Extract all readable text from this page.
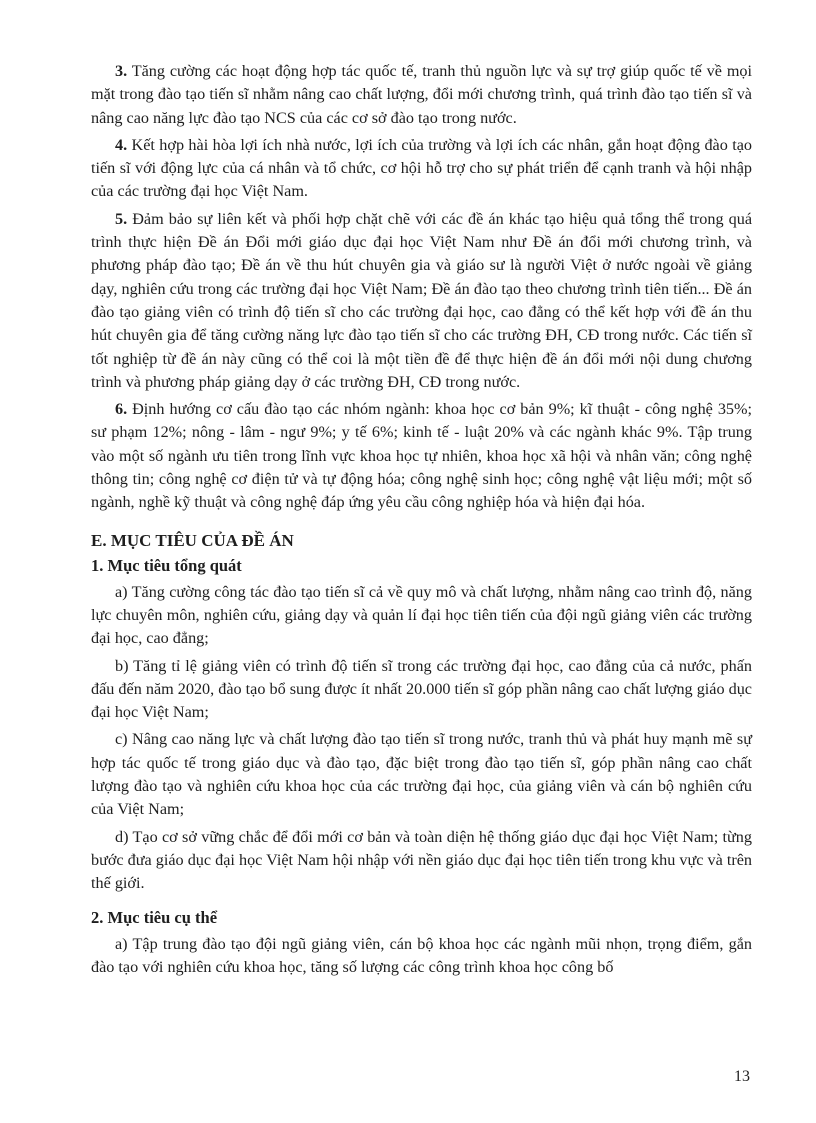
3. Tăng cường các hoạt động hợp tác quốc tế, tranh thủ nguồn lực và sự trợ giúp quốc tế về mọi mặt trong đào tạo tiến sĩ nhằm nâng cao chất lượng, đổi mới chương trình, quá trình đào tạo tiến sĩ và nâng cao năng lực đào tạo NCS của các cơ sở đào tạo trong nước.

4. Kết hợp hài hòa lợi ích nhà nước, lợi ích của trường và lợi ích các nhân, gắn hoạt động đào tạo tiến sĩ với động lực của cá nhân và tổ chức, cơ hội hỗ trợ cho sự phát triển để cạnh tranh và hội nhập của các trường đại học Việt Nam.

5. Đảm bảo sự liên kết và phối hợp chặt chẽ với các đề án khác tạo hiệu quả tổng thể trong quá trình thực hiện Đề án Đổi mới giáo dục đại học Việt Nam như Đề án đổi mới chương trình, và phương pháp đào tạo; Đề án về thu hút chuyên gia và giáo sư là người Việt ở nước ngoài về giảng dạy, nghiên cứu trong các trường đại học Việt Nam; Đề án đào tạo theo chương trình tiên tiến... Đề án đào tạo giảng viên có trình độ tiến sĩ cho các trường đại học, cao đẳng có thể kết hợp với đề án thu hút chuyên gia để tăng cường năng lực đào tạo tiến sĩ cho các trường ĐH, CĐ trong nước. Các tiến sĩ tốt nghiệp từ đề án này cũng có thể coi là một tiền đề để thực hiện đề án đổi mới nội dung chương trình và phương pháp giảng dạy ở các trường ĐH, CĐ trong nước.

6. Định hướng cơ cấu đào tạo các nhóm ngành: khoa học cơ bản 9%; kĩ thuật - công nghệ 35%; sư phạm 12%; nông - lâm - ngư 9%; y tế 6%; kinh tế - luật 20% và các ngành khác 9%. Tập trung vào một số ngành ưu tiên trong lĩnh vực khoa học tự nhiên, khoa học xã hội và nhân văn; công nghệ thông tin; công nghệ cơ điện tử và tự động hóa; công nghệ sinh học; công nghệ vật liệu mới; một số ngành, nghề kỹ thuật và công nghệ đáp ứng yêu cầu công nghiệp hóa và hiện đại hóa.

E. MỤC TIÊU CỦA ĐỀ ÁN
1. Mục tiêu tổng quát

a) Tăng cường công tác đào tạo tiến sĩ cả về quy mô và chất lượng, nhằm nâng cao trình độ, năng lực chuyên môn, nghiên cứu, giảng dạy và quản lí đại học tiên tiến của đội ngũ giảng viên các trường đại học, cao đẳng;

b) Tăng tỉ lệ giảng viên có trình độ tiến sĩ trong các trường đại học, cao đẳng của cả nước, phấn đấu đến năm 2020, đào tạo bổ sung được ít nhất 20.000 tiến sĩ góp phần nâng cao chất lượng giáo dục đại học Việt Nam;

c) Nâng cao năng lực và chất lượng đào tạo tiến sĩ trong nước, tranh thủ và phát huy mạnh mẽ sự hợp tác quốc tế trong giáo dục và đào tạo, đặc biệt trong đào tạo tiến sĩ, góp phần nâng cao chất lượng đào tạo và nghiên cứu khoa học của các trường đại học, của giảng viên và cán bộ nghiên cứu của Việt Nam;

d) Tạo cơ sở vững chắc để đổi mới cơ bản và toàn diện hệ thống giáo dục đại học Việt Nam; từng bước đưa giáo dục đại học Việt Nam hội nhập với nền giáo dục đại học tiên tiến trong khu vực và trên thế giới.

2. Mục tiêu cụ thể

a) Tập trung đào tạo đội ngũ giảng viên, cán bộ khoa học các ngành mũi nhọn, trọng điểm, gắn đào tạo với nghiên cứu khoa học, tăng số lượng các công trình khoa học công bố

13
